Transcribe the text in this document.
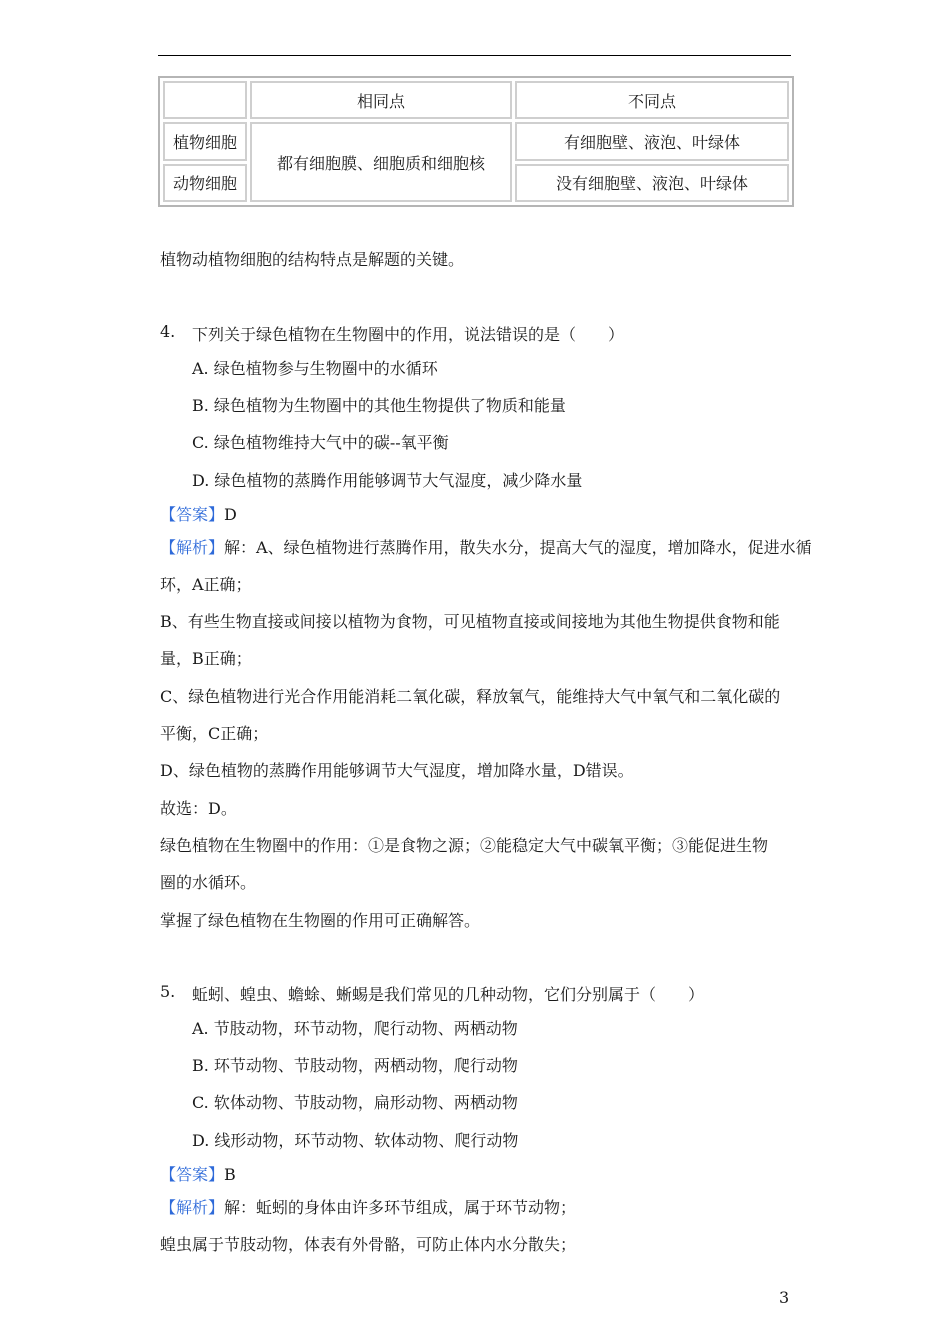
	相同点	不同点
植物细胞	都有细胞膜、细胞质和细胞核	有细胞壁、液泡、叶绿体
动物细胞		没有细胞壁、液泡、叶绿体
植物动植物细胞的结构特点是解题的关键。
4. 下列关于绿色植物在生物圈中的作用，说法错误的是（　　）
A. 绿色植物参与生物圈中的水循环
B. 绿色植物为生物圈中的其他生物提供了物质和能量
C. 绿色植物维持大气中的碳--氧平衡
D. 绿色植物的蒸腾作用能够调节大气湿度，减少降水量
【答案】D
【解析】解：A、绿色植物进行蒸腾作用，散失水分，提高大气的湿度，增加降水，促进水循
环，A正确；
B、有些生物直接或间接以植物为食物，可见植物直接或间接地为其他生物提供食物和能
量，B正确；
C、绿色植物进行光合作用能消耗二氧化碳，释放氧气，能维持大气中氧气和二氧化碳的
平衡，C正确；
D、绿色植物的蒸腾作用能够调节大气湿度，增加降水量，D错误。
故选：D。
绿色植物在生物圈中的作用：①是食物之源；②能稳定大气中碳氧平衡；③能促进生物
圈的水循环。
掌握了绿色植物在生物圈的作用可正确解答。
5. 蚯蚓、蝗虫、蟾蜍、蜥蜴是我们常见的几种动物，它们分别属于（　　）
A. 节肢动物，环节动物，爬行动物、两栖动物
B. 环节动物、节肢动物，两栖动物，爬行动物
C. 软体动物、节肢动物，扁形动物、两栖动物
D. 线形动物，环节动物、软体动物、爬行动物
【答案】B
【解析】解：蚯蚓的身体由许多环节组成，属于环节动物；
蝗虫属于节肢动物，体表有外骨骼，可防止体内水分散失；
3
